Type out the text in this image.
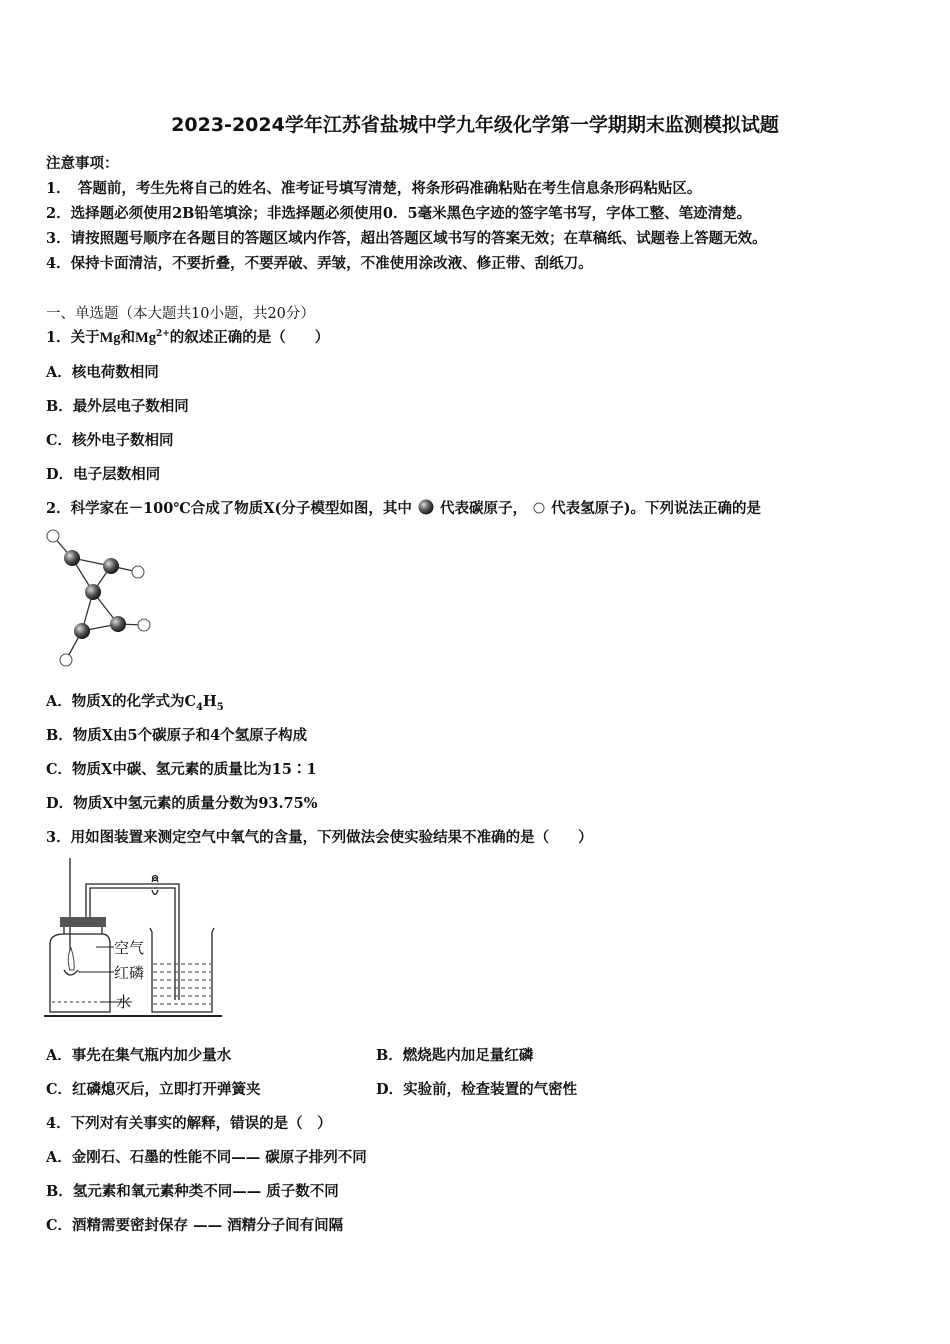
2023-2024学年江苏省盐城中学九年级化学第一学期期末监测模拟试题
注意事项：
1．　答题前，考生先将自己的姓名、准考证号填写清楚，将条形码准确粘贴在考生信息条形码粘贴区。
2．选择题必须使用2B铅笔填涂；非选择题必须使用0．5毫米黑色字迹的签字笔书写，字体工整、笔迹清楚。
3．请按照题号顺序在各题目的答题区域内作答，超出答题区域书写的答案无效；在草稿纸、试题卷上答题无效。
4．保持卡面清洁，不要折叠，不要弄破、弄皱，不准使用涂改液、修正带、刮纸刀。
一、单选题（本大题共10小题，共20分）
1．关于Mg和$Mg^{2+}$的叙述正确的是（　　）
A．核电荷数相同
B．最外层电子数相同
C．核外电子数相同
D．电子层数相同
2．科学家在－100℃合成了物质X(分子模型如图，其中 代表碳原子， 代表氢原子)。下列说法正确的是
A．物质X的化学式为$C_4H_5$
B．物质X由5个碳原子和4个氢原子构成
C．物质X中碳、氢元素的质量比为15∶1
D．物质X中氢元素的质量分数为93.75%
3．用如图装置来测定空气中氧气的含量，下列做法会使实验结果不准确的是（　　）
空气
红磷
水
A．事先在集气瓶内加少量水	B．燃烧匙内加足量红磷
C．红磷熄灭后，立即打开弹簧夹	D．实验前，检查装置的气密性
4．下列对有关事实的解释，错误的是（　）
A．金刚石、石墨的性能不同—— 碳原子排列不同
B．氢元素和氧元素种类不同—— 质子数不同
C．酒精需要密封保存 —— 酒精分子间有间隔
